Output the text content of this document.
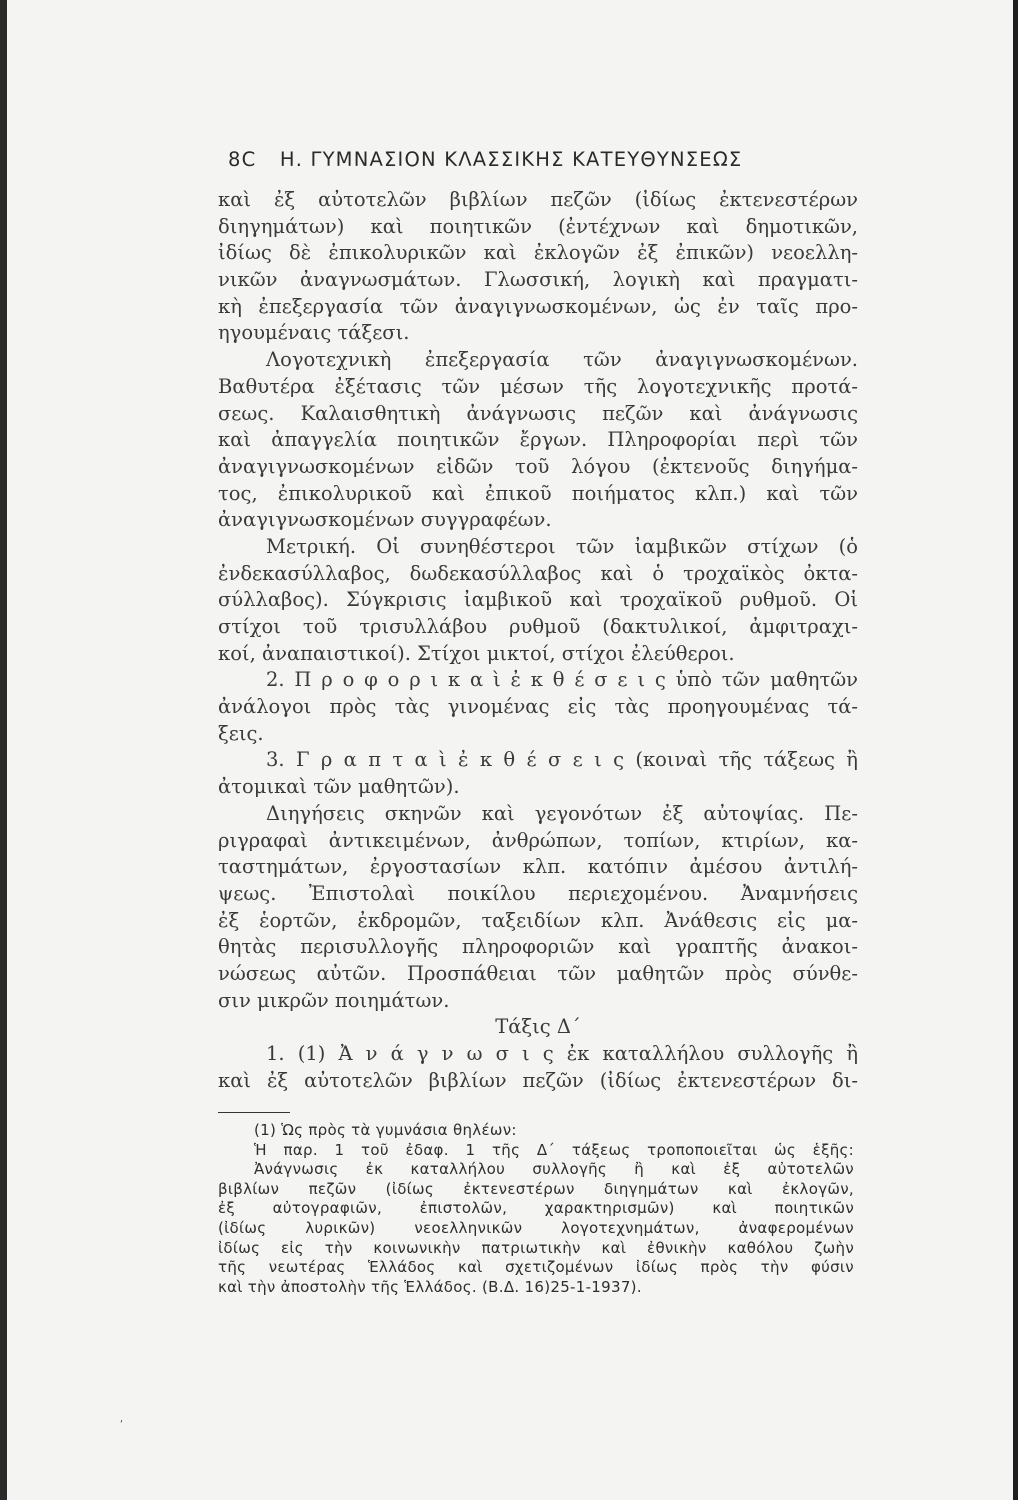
8C Η. ΓΥΜΝΑΣΙΟΝ ΚΛΑΣΣΙΚΗΣ ΚΑΤΕΥΘΥΝΣΕΩΣ
καὶ ἐξ αὐτοτελῶν βιβλίων πεζῶν (ἰδίως ἐκτενεστέρων
διηγημάτων) καὶ ποιητικῶν (ἐντέχνων καὶ δημοτικῶν,
ἰδίως δὲ ἐπικολυρικῶν καὶ ἐκλογῶν ἐξ ἐπικῶν) νεοελλη-
νικῶν ἀναγνωσμάτων. Γλωσσική, λογικὴ καὶ πραγματι-
κὴ ἐπεξεργασία τῶν ἀναγιγνωσκομένων, ὡς ἐν ταῖς προ-
ηγουμέναις τάξεσι.
Λογοτεχνικὴ ἐπεξεργασία τῶν ἀναγιγνωσκομένων.
Βαθυτέρα ἐξέτασις τῶν μέσων τῆς λογοτεχνικῆς προτά-
σεως. Καλαισθητικὴ ἀνάγνωσις πεζῶν καὶ ἀνάγνωσις
καὶ ἀπαγγελία ποιητικῶν ἔργων. Πληροφορίαι περὶ τῶν
ἀναγιγνωσκομένων εἰδῶν τοῦ λόγου (ἐκτενοῦς διηγήμα-
τος, ἐπικολυρικοῦ καὶ ἐπικοῦ ποιήματος κλπ.) καὶ τῶν
ἀναγιγνωσκομένων συγγραφέων.
Μετρική. Οἱ συνηθέστεροι τῶν ἰαμβικῶν στίχων (ὁ
ἐνδεκασύλλαβος, δωδεκασύλλαβος καὶ ὁ τροχαϊκὸς ὀκτα-
σύλλαβος). Σύγκρισις ἰαμβικοῦ καὶ τροχαϊκοῦ ρυθμοῦ. Οἱ
στίχοι τοῦ τρισυλλάβου ρυθμοῦ (δακτυλικοί, ἀμφιτραχι-
κοί, ἀναπαιστικοί). Στίχοι μικτοί, στίχοι ἐλεύθεροι.
2. Π ρ ο φ ο ρ ι κ α ὶ ἐ κ θ έ σ ε ι ς ὑπὸ τῶν μαθητῶν
ἀνάλογοι πρὸς τὰς γινομένας εἰς τὰς προηγουμένας τά-
ξεις.
3. Γ ρ α π τ α ὶ ἐ κ θ έ σ ε ι ς (κοιναὶ τῆς τάξεως ἢ
ἀτομικαὶ τῶν μαθητῶν).
Διηγήσεις σκηνῶν καὶ γεγονότων ἐξ αὐτοψίας. Πε-
ριγραφαὶ ἀντικειμένων, ἀνθρώπων, τοπίων, κτιρίων, κα-
ταστημάτων, ἐργοστασίων κλπ. κατόπιν ἀμέσου ἀντιλή-
ψεως. Ἐπιστολαὶ ποικίλου περιεχομένου. Ἀναμνήσεις
ἐξ ἑορτῶν, ἐκδρομῶν, ταξειδίων κλπ. Ἀνάθεσις εἰς μα-
θητὰς περισυλλογῆς πληροφοριῶν καὶ γραπτῆς ἀνακοι-
νώσεως αὐτῶν. Προσπάθειαι τῶν μαθητῶν πρὸς σύνθε-
σιν μικρῶν ποιημάτων.
Τάξις Δ΄
1. (1) Ἀ ν ά γ ν ω σ ι ς ἐκ καταλλήλου συλλογῆς ἢ
καὶ ἐξ αὐτοτελῶν βιβλίων πεζῶν (ἰδίως ἐκτενεστέρων δι-
(1) Ὡς πρὸς τὰ γυμνάσια θηλέων:
Ἡ παρ. 1 τοῦ ἐδαφ. 1 τῆς Δ΄ τάξεως τροποποιεῖται ὡς ἑξῆς:
Ἀνάγνωσις ἐκ καταλλήλου συλλογῆς ἢ καὶ ἐξ αὐτοτελῶν
βιβλίων πεζῶν (ἰδίως ἐκτενεστέρων διηγημάτων καὶ ἐκλογῶν,
ἐξ αὐτογραφιῶν, ἐπιστολῶν, χαρακτηρισμῶν) καὶ ποιητικῶν
(ἰδίως λυρικῶν) νεοελληνικῶν λογοτεχνημάτων, ἀναφερομένων
ἰδίως εἰς τὴν κοινωνικὴν πατριωτικὴν καὶ ἐθνικὴν καθόλου ζωὴν
τῆς νεωτέρας Ἑλλάδος καὶ σχετιζομένων ἰδίως πρὸς τὴν φύσιν
καὶ τὴν ἀποστολὴν τῆς Ἑλλάδος. (Β.Δ. 16)25-1-1937).
ʹ
